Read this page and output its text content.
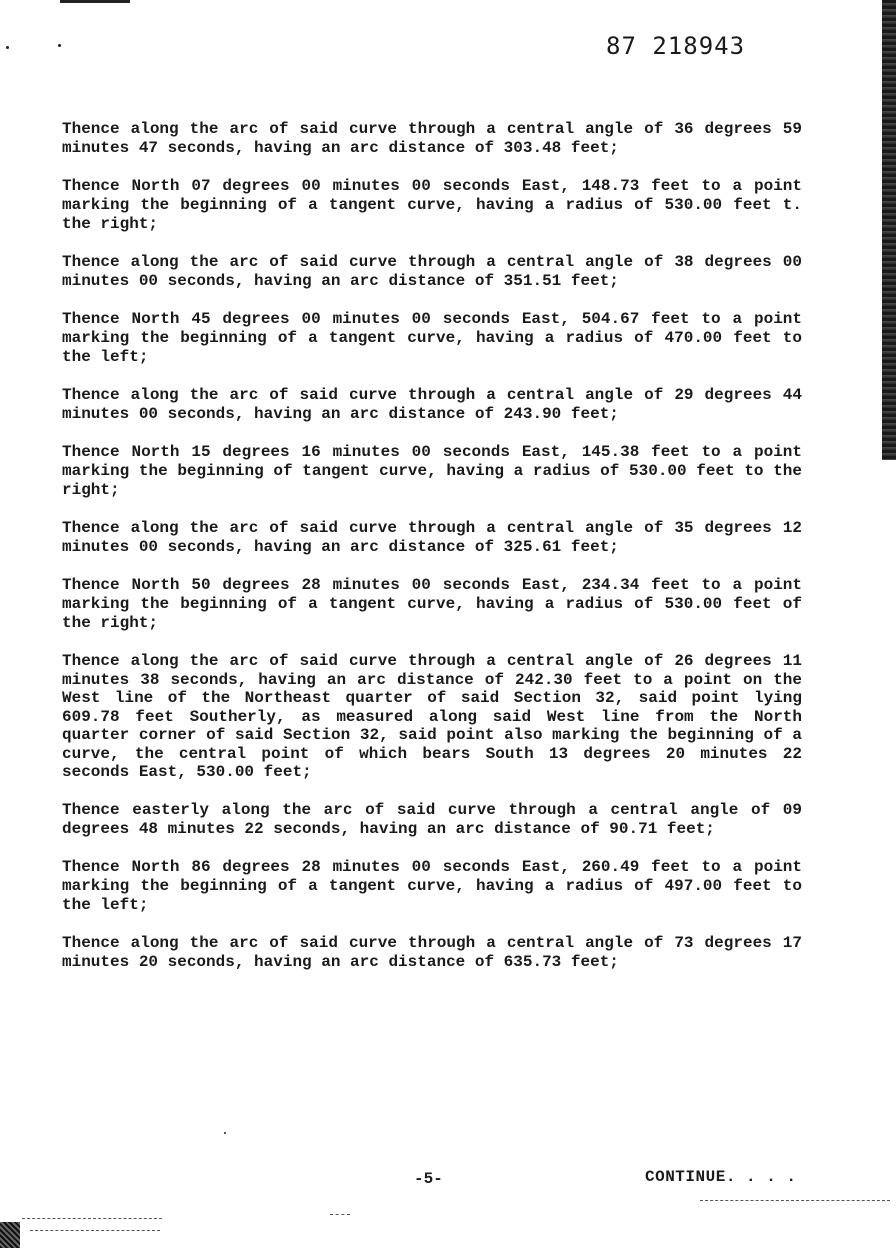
87 218943

Thence along the arc of said curve through a central angle of 36 degrees 59 minutes 47 seconds, having an arc distance of 303.48 feet;

Thence North 07 degrees 00 minutes 00 seconds East, 148.73 feet to a point marking the beginning of a tangent curve, having a radius of 530.00 feet t. the right;

Thence along the arc of said curve through a central angle of 38 degrees 00 minutes 00 seconds, having an arc distance of 351.51 feet;

Thence North 45 degrees 00 minutes 00 seconds East, 504.67 feet to a point marking the beginning of a tangent curve, having a radius of 470.00 feet to the left;

Thence along the arc of said curve through a central angle of 29 degrees 44 minutes 00 seconds, having an arc distance of 243.90 feet;

Thence North 15 degrees 16 minutes 00 seconds East, 145.38 feet to a point marking the beginning of tangent curve, having a radius of 530.00 feet to the right;

Thence along the arc of said curve through a central angle of 35 degrees 12 minutes 00 seconds, having an arc distance of 325.61 feet;

Thence North 50 degrees 28 minutes 00 seconds East, 234.34 feet to a point marking the beginning of a tangent curve, having a radius of 530.00 feet of the right;

Thence along the arc of said curve through a central angle of 26 degrees 11 minutes 38 seconds, having an arc distance of 242.30 feet to a point on the West line of the Northeast quarter of said Section 32, said point lying 609.78 feet Southerly, as measured along said West line from the North quarter corner of said Section 32, said point also marking the beginning of a curve, the central point of which bears South 13 degrees 20 minutes 22 seconds East, 530.00 feet;

Thence easterly along the arc of said curve through a central angle of 09 degrees 48 minutes 22 seconds, having an arc distance of 90.71 feet;

Thence North 86 degrees 28 minutes 00 seconds East, 260.49 feet to a point marking the beginning of a tangent curve, having a radius of 497.00 feet to the left;

Thence along the arc of said curve through a central angle of 73 degrees 17 minutes 20 seconds, having an arc distance of 635.73 feet;

-5-	CONTINUE. . . .
